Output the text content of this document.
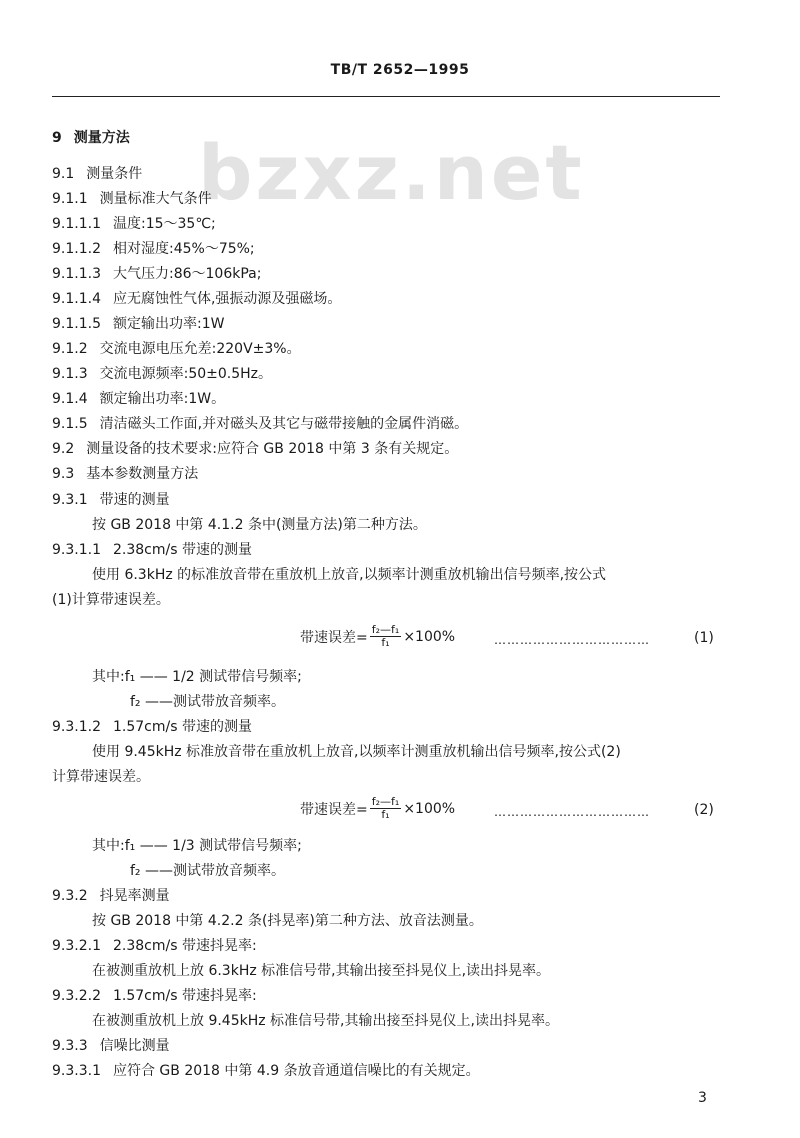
TB/T 2652—1995
bzxz.net
9 测量方法
9.1 测量条件
9.1.1 测量标准大气条件
9.1.1.1 温度:15～35℃;
9.1.1.2 相对湿度:45%～75%;
9.1.1.3 大气压力:86～106kPa;
9.1.1.4 应无腐蚀性气体,强振动源及强磁场。
9.1.1.5 额定输出功率:1W
9.1.2 交流电源电压允差:220V±3%。
9.1.3 交流电源频率:50±0.5Hz。
9.1.4 额定输出功率:1W。
9.1.5 清洁磁头工作面,并对磁头及其它与磁带接触的金属件消磁。
9.2 测量设备的技术要求:应符合 GB 2018 中第 3 条有关规定。
9.3 基本参数测量方法
9.3.1 带速的测量
按 GB 2018 中第 4.1.2 条中(测量方法)第二种方法。
9.3.1.1 2.38cm/s 带速的测量
使用 6.3kHz 的标准放音带在重放机上放音,以频率计测重放机输出信号频率,按公式
(1)计算带速误差。
带速误差= $\frac{\text{f₂—f₁}}{\text{f₁}} \times 100\%$	………………………………	(1)
其中:f₁ —— 1/2 测试带信号频率;
f₂ ——测试带放音频率。
9.3.1.2 1.57cm/s 带速的测量
使用 9.45kHz 标准放音带在重放机上放音,以频率计测重放机输出信号频率,按公式(2)
计算带速误差。
带速误差= $\frac{\text{f₂—f₁}}{\text{f₁}} \times 100\%$	………………………………	(2)
其中:f₁ —— 1/3 测试带信号频率;
f₂ ——测试带放音频率。
9.3.2 抖晃率测量
按 GB 2018 中第 4.2.2 条(抖晃率)第二种方法、放音法测量。
9.3.2.1 2.38cm/s 带速抖晃率:
在被测重放机上放 6.3kHz 标准信号带,其输出接至抖晃仪上,读出抖晃率。
9.3.2.2 1.57cm/s 带速抖晃率:
在被测重放机上放 9.45kHz 标准信号带,其输出接至抖晃仪上,读出抖晃率。
9.3.3 信噪比测量
9.3.3.1 应符合 GB 2018 中第 4.9 条放音通道信噪比的有关规定。
3
